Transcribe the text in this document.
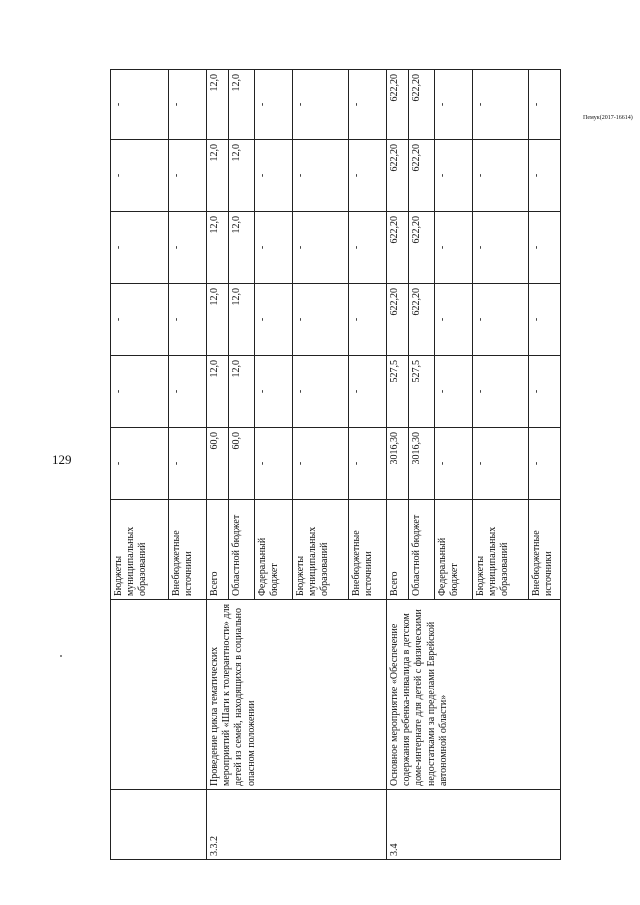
129
Пемук(2017-16614)
		Бюджеты муниципальных образований	-	-	-	-	-	-
		Внебюджетные источники	-	-	-	-	-	-
3.3.2	Проведение цикла тематических мероприятий «Шаги к толерантности» для детей из семей, находящихся в социально опасном положении	Всего	60,0	12,0	12,0	12,0	12,0	12,0
		Областной бюджет	60,0	12,0	12,0	12,0	12,0	12,0
		Федеральный бюджет	-	-	-	-	-	-
		Бюджеты муниципальных образований	-	-	-	-	-	-
		Внебюджетные источники	-	-	-	-	-	-
3.4	Основное мероприятие «Обеспечение содержания ребенка-инвалида в детском доме-интернате для детей с физическими недостатками за пределами Еврейской автономной области»	Всего	3016,30	527,5	622,20	622,20	622,20	622,20
		Областной бюджет	3016,30	527,5	622,20	622,20	622,20	622,20
		Федеральный бюджет	-	-	-	-	-	-
		Бюджеты муниципальных образований	-	-	-	-	-	-
		Внебюджетные источники	-	-	-	-	-	-
